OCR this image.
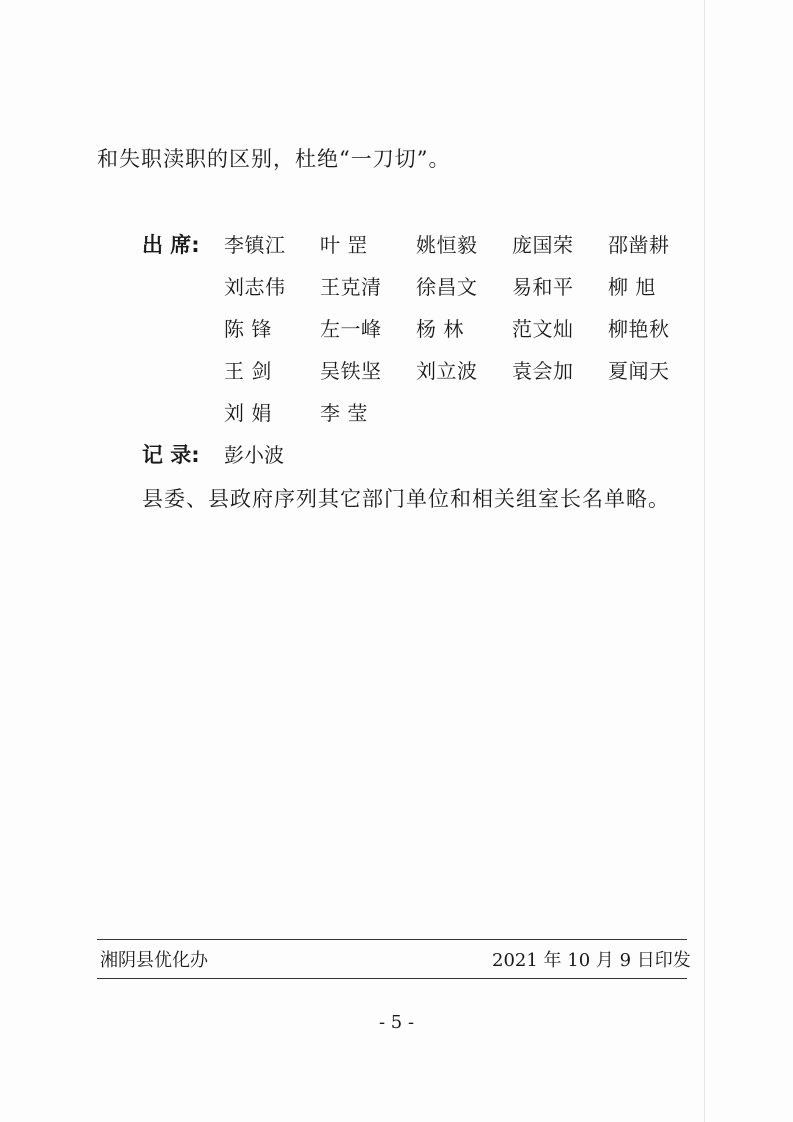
和失职渎职的区别，杜绝“一刀切”。
出 席: 李镇江	叶 罡	姚恒毅	庞国荣	邵凿耕
刘志伟	王克清	徐昌文	易和平	柳 旭
陈 锋	左一峰	杨 林	范文灿	柳艳秋
王 剑	吴铁坚	刘立波	袁会加	夏闻天
刘 娟	李 莹
记 录: 彭小波
县委、县政府序列其它部门单位和相关组室长名单略。
湘阴县优化办	2021 年 10 月 9 日印发
- 5 -
